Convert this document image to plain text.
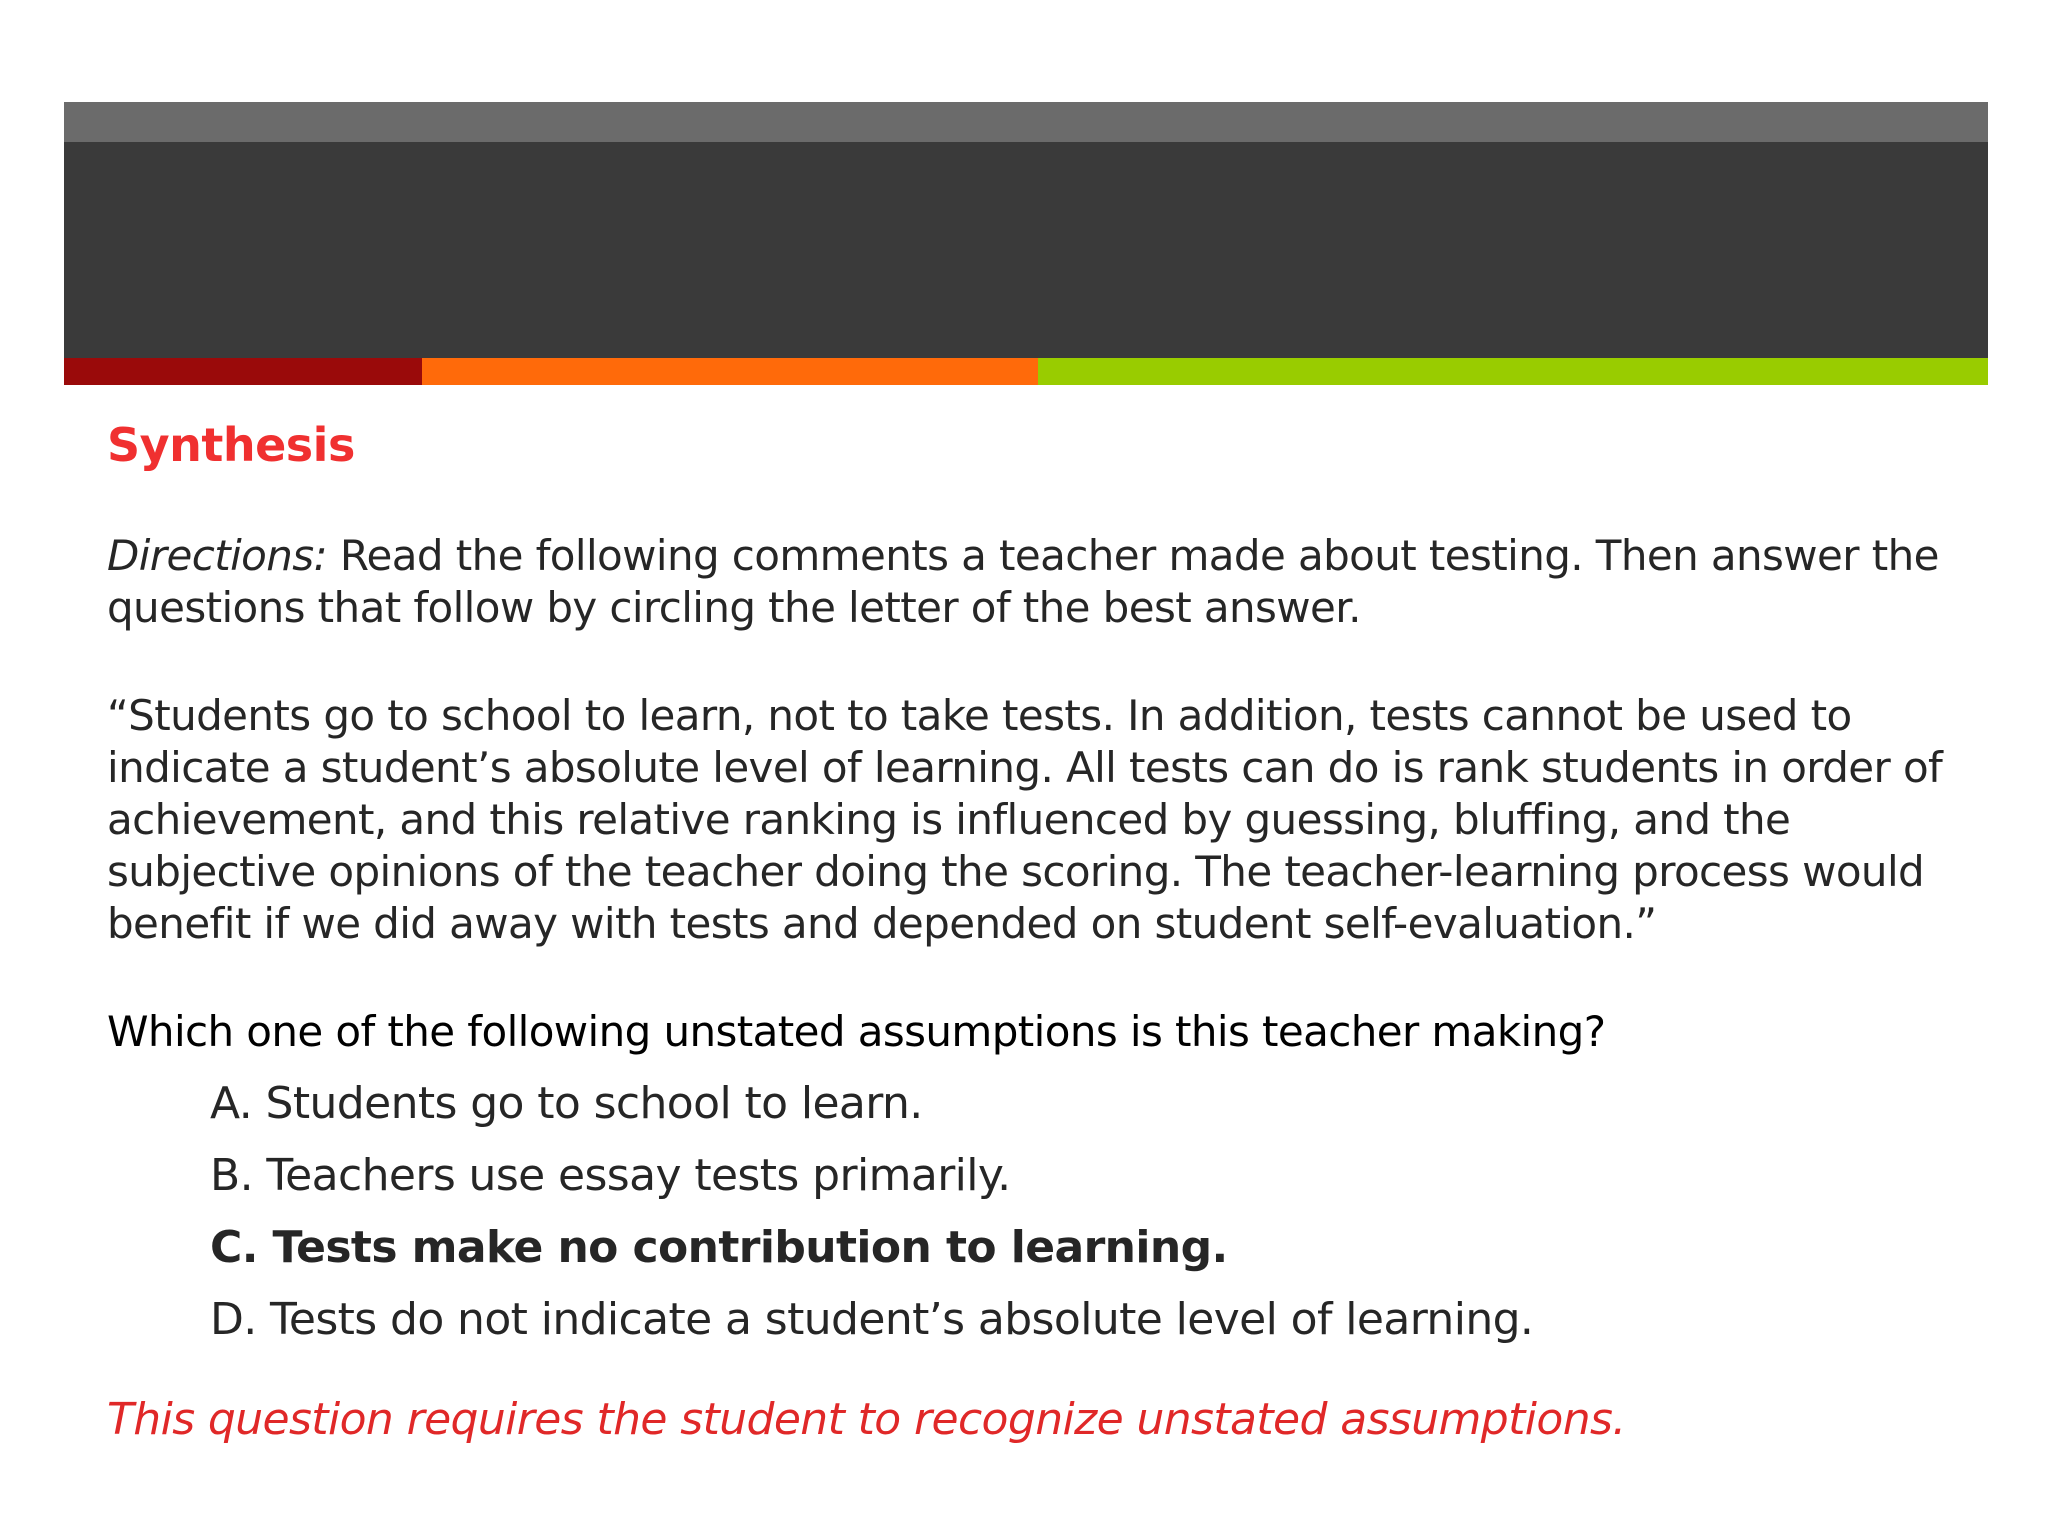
Synthesis

Directions: Read the following comments a teacher made about testing. Then answer the questions that follow by circling the letter of the best answer.

“Students go to school to learn, not to take tests. In addition, tests cannot be used to indicate a student’s absolute level of learning. All tests can do is rank students in order of achievement, and this relative ranking is influenced by guessing, bluffing, and the subjective opinions of the teacher doing the scoring. The teacher-learning process would benefit if we did away with tests and depended on student self-evaluation.”

Which one of the following unstated assumptions is this teacher making?

A. Students go to school to learn.
B. Teachers use essay tests primarily.
C. Tests make no contribution to learning.
D. Tests do not indicate a student’s absolute level of learning.

This question requires the student to recognize unstated assumptions.
